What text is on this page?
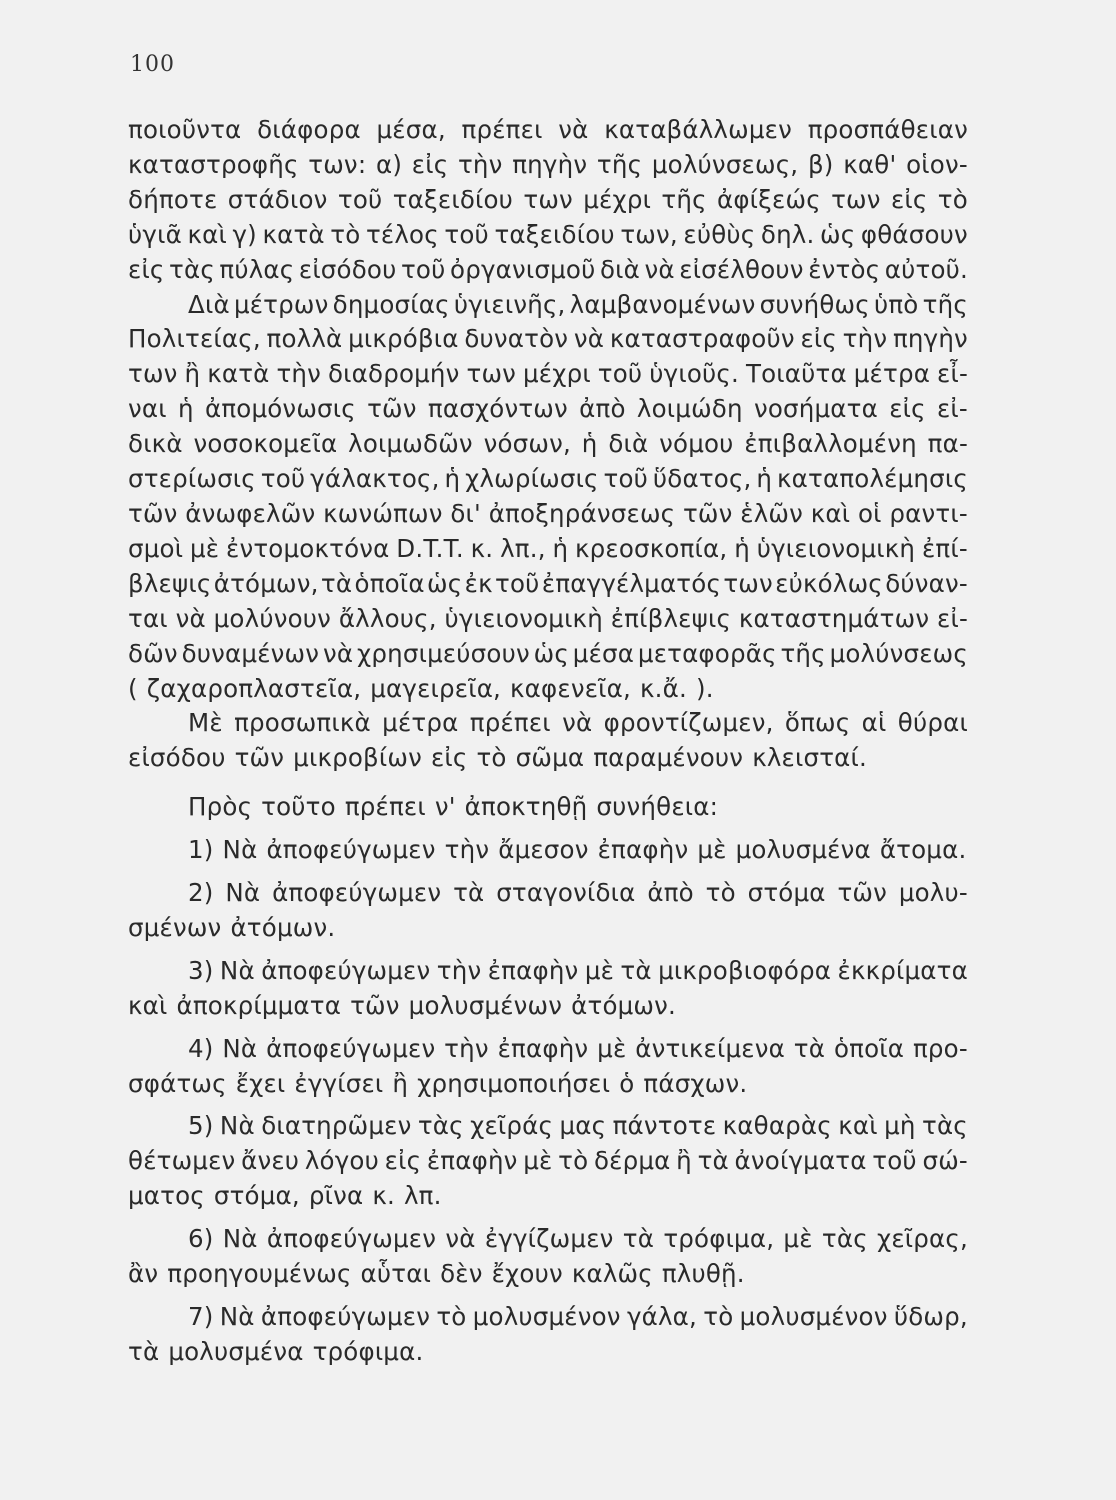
100
ποιοῦντα διάφορα μέσα, πρέπει νὰ καταβάλλωμεν προσπάθειαν
καταστροφῆς των: α) εἰς τὴν πηγὴν τῆς μολύνσεως, β) καθ' οἱον-
δήποτε στάδιον τοῦ ταξειδίου των μέχρι τῆς ἀφίξεώς των εἰς τὸ
ὑγιᾶ καὶ γ) κατὰ τὸ τέλος τοῦ ταξειδίου των, εὐθὺς δηλ. ὡς φθάσουν
εἰς τὰς πύλας εἰσόδου τοῦ ὀργανισμοῦ διὰ νὰ εἰσέλθουν ἐντὸς αὐτοῦ.
Διὰ μέτρων δημοσίας ὑγιεινῆς, λαμβανομένων συνήθως ὑπὸ τῆς
Πολιτείας, πολλὰ μικρόβια δυνατὸν νὰ καταστραφοῦν εἰς τὴν πηγὴν
των ἢ κατὰ τὴν διαδρομήν των μέχρι τοῦ ὑγιοῦς. Τοιαῦτα μέτρα εἶ-
ναι ἡ ἀπομόνωσις τῶν πασχόντων ἀπὸ λοιμώδη νοσήματα εἰς εἰ-
δικὰ νοσοκομεῖα λοιμωδῶν νόσων, ἡ διὰ νόμου ἐπιβαλλομένη πα-
στερίωσις τοῦ γάλακτος, ἡ χλωρίωσις τοῦ ὕδατος, ἡ καταπολέμησις
τῶν ἀνωφελῶν κωνώπων δι' ἀποξηράνσεως τῶν ἑλῶν καὶ οἱ ραντι-
σμοὶ μὲ ἐντομοκτόνα D.T.T. κ. λπ., ἡ κρεοσκοπία, ἡ ὑγιειονομικὴ ἐπί-
βλεψις ἀτόμων, τὰ ὁποῖα ὡς ἐκ τοῦ ἐπαγγέλματός των εὐκόλως δύναν-
ται νὰ μολύνουν ἄλλους, ὑγιειονομικὴ ἐπίβλεψις καταστημάτων εἰ-
δῶν δυναμένων νὰ χρησιμεύσουν ὡς μέσα μεταφορᾶς τῆς μολύνσεως
( ζαχαροπλαστεῖα, μαγειρεῖα, καφενεῖα, κ.ἄ. ).
Μὲ προσωπικὰ μέτρα πρέπει νὰ φροντίζωμεν, ὅπως αἱ θύραι
εἰσόδου τῶν μικροβίων εἰς τὸ σῶμα παραμένουν κλεισταί.
Πρὸς τοῦτο πρέπει ν' ἀποκτηθῇ συνήθεια:
1) Νὰ ἀποφεύγωμεν τὴν ἄμεσον ἐπαφὴν μὲ μολυσμένα ἄτομα.
2) Νὰ ἀποφεύγωμεν τὰ σταγονίδια ἀπὸ τὸ στόμα τῶν μολυ-
σμένων ἀτόμων.
3) Νὰ ἀποφεύγωμεν τὴν ἐπαφὴν μὲ τὰ μικροβιοφόρα ἐκκρίματα
καὶ ἀποκρίμματα τῶν μολυσμένων ἀτόμων.
4) Νὰ ἀποφεύγωμεν τὴν ἐπαφὴν μὲ ἀντικείμενα τὰ ὁποῖα προ-
σφάτως ἔχει ἐγγίσει ἢ χρησιμοποιήσει ὁ πάσχων.
5) Νὰ διατηρῶμεν τὰς χεῖράς μας πάντοτε καθαρὰς καὶ μὴ τὰς
θέτωμεν ἄνευ λόγου εἰς ἐπαφὴν μὲ τὸ δέρμα ἢ τὰ ἀνοίγματα τοῦ σώ-
ματος στόμα, ρῖνα κ. λπ.
6) Νὰ ἀποφεύγωμεν νὰ ἐγγίζωμεν τὰ τρόφιμα, μὲ τὰς χεῖρας,
ἂν προηγουμένως αὗται δὲν ἔχουν καλῶς πλυθῇ.
7) Νὰ ἀποφεύγωμεν τὸ μολυσμένον γάλα, τὸ μολυσμένον ὕδωρ,
τὰ μολυσμένα τρόφιμα.
